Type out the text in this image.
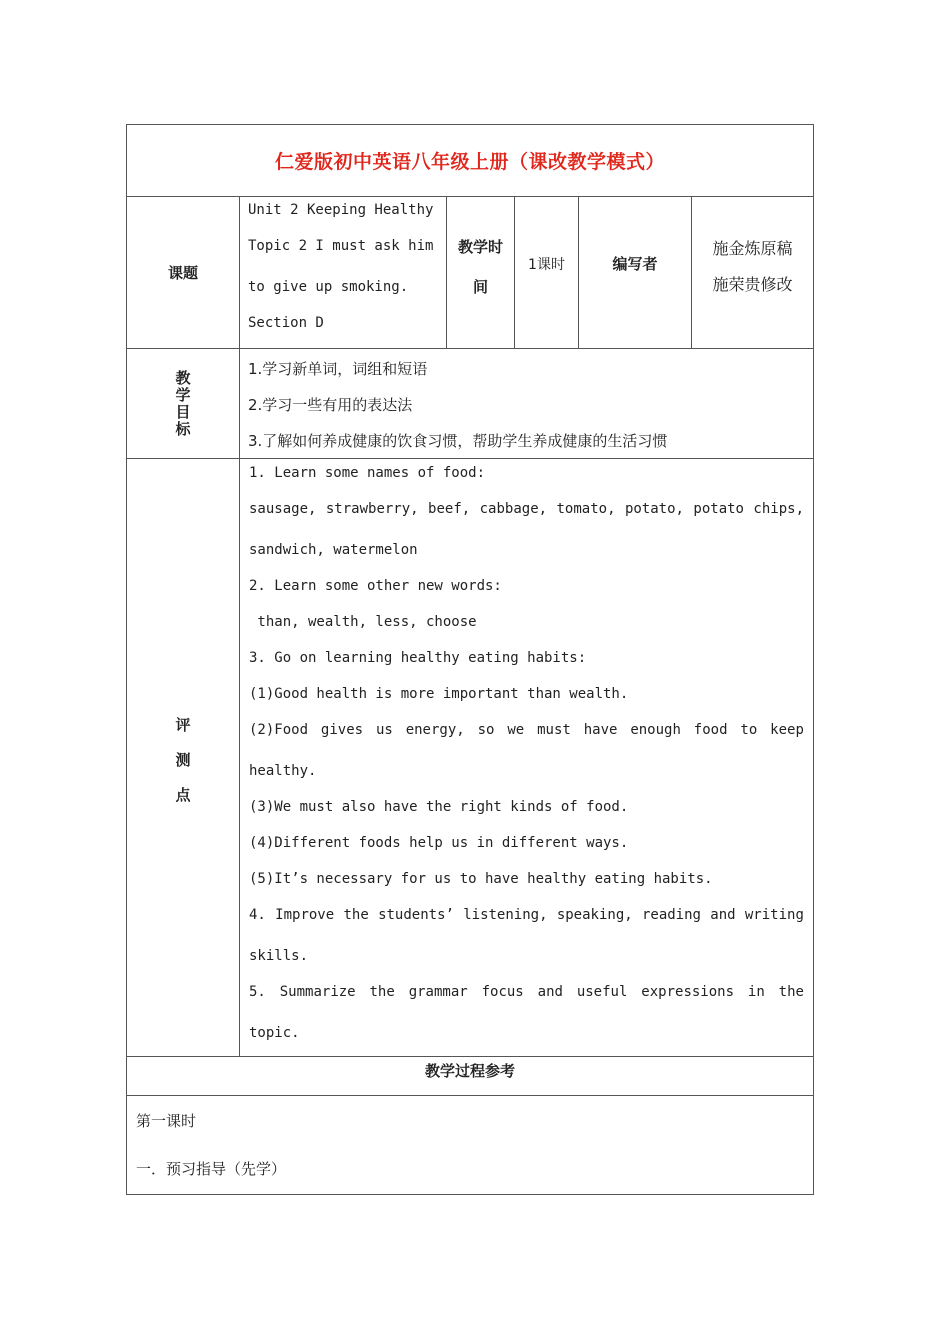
仁爱版初中英语八年级上册（课改教学模式）
课题
Unit 2 Keeping Healthy
Topic 2 I must ask him
to give up smoking.
Section D
教学时
间
1课时	编写者
施金炼原稿
施荣贵修改
教
学
目
标
1.学习新单词，词组和短语
2.学习一些有用的表达法
3.了解如何养成健康的饮食习惯，帮助学生养成健康的生活习惯
评
测
点
1. Learn some names of food:
sausage, strawberry, beef, cabbage, tomato, potato, potato chips,
sandwich, watermelon
2. Learn some other new words:
than, wealth, less, choose
3. Go on learning healthy eating habits:
(1)Good health is more important than wealth.
(2)Food gives us energy, so we must have enough food to keep
healthy.
(3)We must also have the right kinds of food.
(4)Different foods help us in different ways.
(5)It’s necessary for us to have healthy eating habits.
4. Improve the students’ listening, speaking, reading and writing
skills.
5. Summarize the grammar focus and useful expressions in the
topic.
教学过程参考
第一课时
一．预习指导（先学）
